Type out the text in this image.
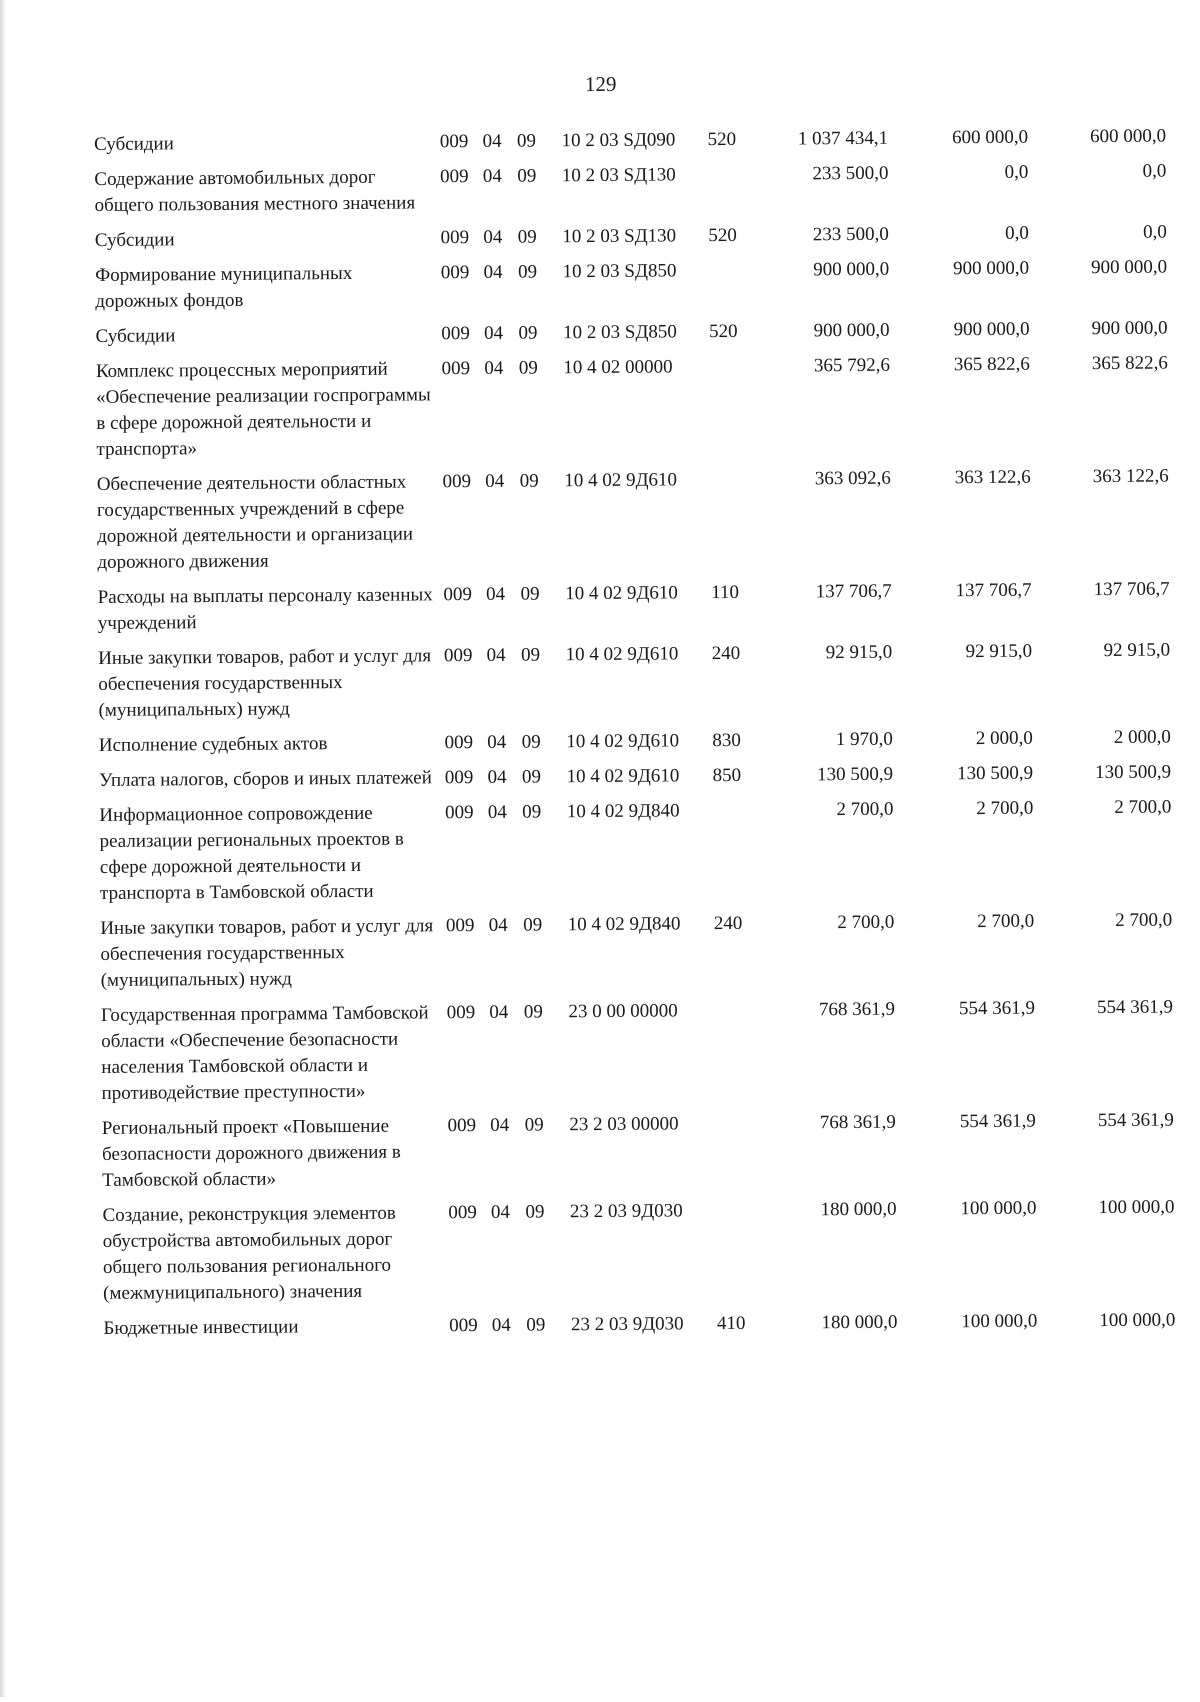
129
Субсидии	009	04	09	10 2 03 SД090	520	1 037 434,1	600 000,0	600 000,0
Содержание автомобильных дорог общего пользования местного значения	009	04	09	10 2 03 SД130		233 500,0	0,0	0,0
Субсидии	009	04	09	10 2 03 SД130	520	233 500,0	0,0	0,0
Формирование муниципальных дорожных фондов	009	04	09	10 2 03 SД850		900 000,0	900 000,0	900 000,0
Субсидии	009	04	09	10 2 03 SД850	520	900 000,0	900 000,0	900 000,0
Комплекс процессных мероприятий «Обеспечение реализации госпрограммы в сфере дорожной деятельности и транспорта»	009	04	09	10 4 02 00000		365 792,6	365 822,6	365 822,6
Обеспечение деятельности областных государственных учреждений в сфере дорожной деятельности и организации дорожного движения	009	04	09	10 4 02 9Д610		363 092,6	363 122,6	363 122,6
Расходы на выплаты персоналу казенных учреждений	009	04	09	10 4 02 9Д610	110	137 706,7	137 706,7	137 706,7
Иные закупки товаров, работ и услуг для обеспечения государственных (муниципальных) нужд	009	04	09	10 4 02 9Д610	240	92 915,0	92 915,0	92 915,0
Исполнение судебных актов	009	04	09	10 4 02 9Д610	830	1 970,0	2 000,0	2 000,0
Уплата налогов, сборов и иных платежей	009	04	09	10 4 02 9Д610	850	130 500,9	130 500,9	130 500,9
Информационное сопровождение реализации региональных проектов в сфере дорожной деятельности и транспорта в Тамбовской области	009	04	09	10 4 02 9Д840		2 700,0	2 700,0	2 700,0
Иные закупки товаров, работ и услуг для обеспечения государственных (муниципальных) нужд	009	04	09	10 4 02 9Д840	240	2 700,0	2 700,0	2 700,0
Государственная программа Тамбовской области «Обеспечение безопасности населения Тамбовской области и противодействие преступности»	009	04	09	23 0 00 00000		768 361,9	554 361,9	554 361,9
Региональный проект «Повышение безопасности дорожного движения в Тамбовской области»	009	04	09	23 2 03 00000		768 361,9	554 361,9	554 361,9
Создание, реконструкция элементов обустройства автомобильных дорог общего пользования регионального (межмуниципального) значения	009	04	09	23 2 03 9Д030		180 000,0	100 000,0	100 000,0
Бюджетные инвестиции	009	04	09	23 2 03 9Д030	410	180 000,0	100 000,0	100 000,0
